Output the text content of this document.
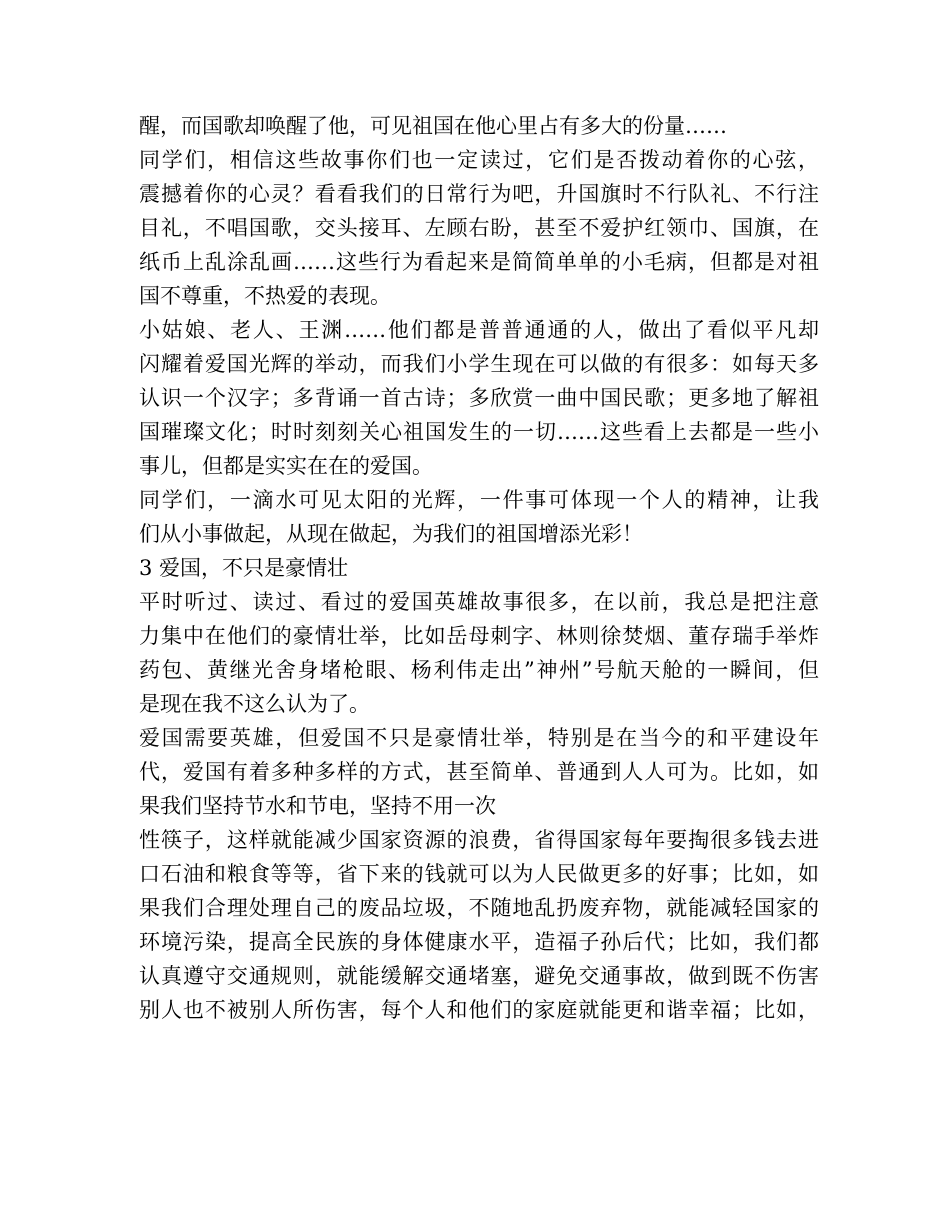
醒，而国歌却唤醒了他，可见祖国在他心里占有多大的份量……
同学们，相信这些故事你们也一定读过，它们是否拨动着你的心弦，
震撼着你的心灵？看看我们的日常行为吧，升国旗时不行队礼、不行注
目礼，不唱国歌，交头接耳、左顾右盼，甚至不爱护红领巾、国旗，在
纸币上乱涂乱画……这些行为看起来是简简单单的小毛病，但都是对祖
国不尊重，不热爱的表现。
小姑娘、老人、王渊……他们都是普普通通的人，做出了看似平凡却
闪耀着爱国光辉的举动，而我们小学生现在可以做的有很多：如每天多
认识一个汉字；多背诵一首古诗；多欣赏一曲中国民歌；更多地了解祖
国璀璨文化；时时刻刻关心祖国发生的一切……这些看上去都是一些小
事儿，但都是实实在在的爱国。
同学们，一滴水可见太阳的光辉，一件事可体现一个人的精神，让我
们从小事做起，从现在做起，为我们的祖国增添光彩！
3 爱国，不只是豪情壮
平时听过、读过、看过的爱国英雄故事很多，在以前，我总是把注意
力集中在他们的豪情壮举，比如岳母刺字、林则徐焚烟、董存瑞手举炸
药包、黄继光舍身堵枪眼、杨利伟走出”神州”号航天舱的一瞬间，但
是现在我不这么认为了。
爱国需要英雄，但爱国不只是豪情壮举，特别是在当今的和平建设年
代，爱国有着多种多样的方式，甚至简单、普通到人人可为。比如，如
果我们坚持节水和节电，坚持不用一次
性筷子，这样就能减少国家资源的浪费，省得国家每年要掏很多钱去进
口石油和粮食等等，省下来的钱就可以为人民做更多的好事；比如，如
果我们合理处理自己的废品垃圾，不随地乱扔废弃物，就能减轻国家的
环境污染，提高全民族的身体健康水平，造福子孙后代；比如，我们都
认真遵守交通规则，就能缓解交通堵塞，避免交通事故，做到既不伤害
别人也不被别人所伤害，每个人和他们的家庭就能更和谐幸福；比如，
